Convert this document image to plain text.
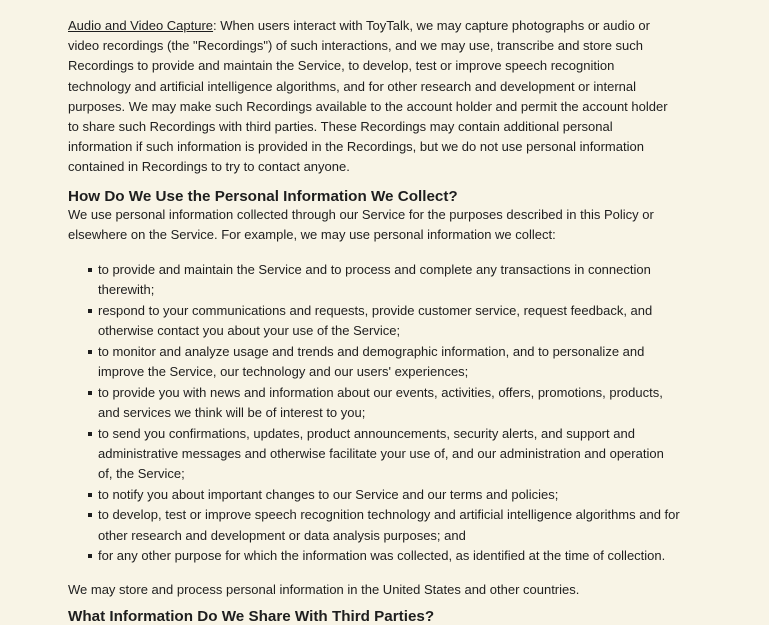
Audio and Video Capture: When users interact with ToyTalk, we may capture photographs or audio or video recordings (the "Recordings") of such interactions, and we may use, transcribe and store such Recordings to provide and maintain the Service, to develop, test or improve speech recognition technology and artificial intelligence algorithms, and for other research and development or internal purposes. We may make such Recordings available to the account holder and permit the account holder to share such Recordings with third parties. These Recordings may contain additional personal information if such information is provided in the Recordings, but we do not use personal information contained in Recordings to try to contact anyone.

How Do We Use the Personal Information We Collect?

We use personal information collected through our Service for the purposes described in this Policy or elsewhere on the Service. For example, we may use personal information we collect:

to provide and maintain the Service and to process and complete any transactions in connection therewith;
respond to your communications and requests, provide customer service, request feedback, and otherwise contact you about your use of the Service;
to monitor and analyze usage and trends and demographic information, and to personalize and improve the Service, our technology and our users' experiences;
to provide you with news and information about our events, activities, offers, promotions, products, and services we think will be of interest to you;
to send you confirmations, updates, product announcements, security alerts, and support and administrative messages and otherwise facilitate your use of, and our administration and operation of, the Service;
to notify you about important changes to our Service and our terms and policies;
to develop, test or improve speech recognition technology and artificial intelligence algorithms and for other research and development or data analysis purposes; and
for any other purpose for which the information was collected, as identified at the time of collection.

We may store and process personal information in the United States and other countries.

What Information Do We Share With Third Parties?
